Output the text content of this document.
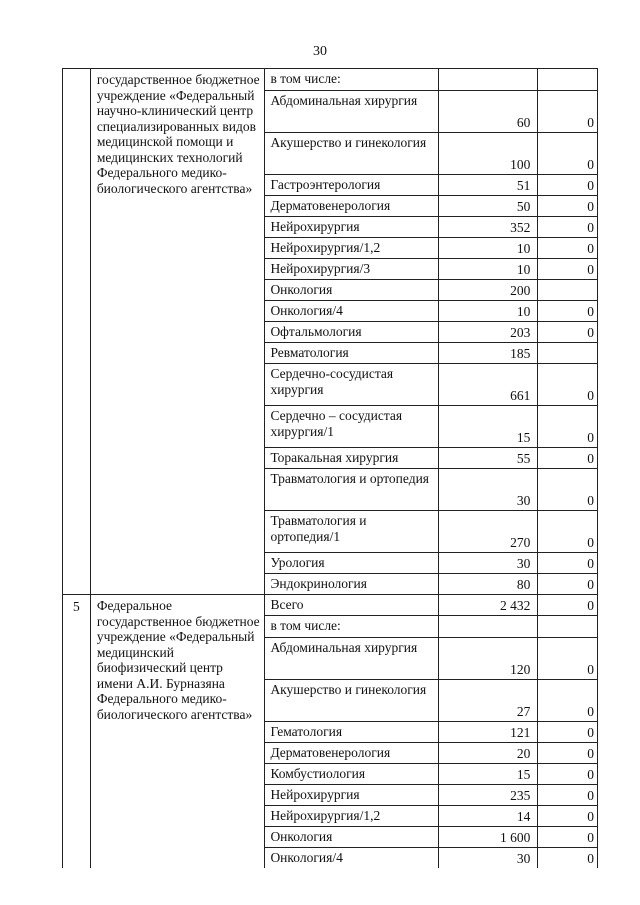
30
	государственное бюджетное учреждение «Федеральный научно-клинический центр специализированных видов медицинской помощи и медицинских технологий Федерального медико-биологического агентства»	в том числе:		
		Абдоминальная хирургия	60	0
		Акушерство и гинекология	100	0
		Гастроэнтерология	51	0
		Дерматовенерология	50	0
		Нейрохирургия	352	0
		Нейрохирургия/1,2	10	0
		Нейрохирургия/3	10	0
		Онкология	200	
		Онкология/4	10	0
		Офтальмология	203	0
		Ревматология	185	
		Сердечно-сосудистая хирургия	661	0
		Сердечно – сосудистая хирургия/1	15	0
		Торакальная хирургия	55	0
		Травматология и ортопедия	30	0
		Травматология и ортопедия/1	270	0
		Урология	30	0
		Эндокринология	80	0
5	Федеральное государственное бюджетное учреждение «Федеральный медицинский биофизический центр имени А.И. Бурназяна Федерального медико-биологического агентства»	Всего	2 432	0
		в том числе:		
		Абдоминальная хирургия	120	0
		Акушерство и гинекология	27	0
		Гематология	121	0
		Дерматовенерология	20	0
		Комбустиология	15	0
		Нейрохирургия	235	0
		Нейрохирургия/1,2	14	0
		Онкология	1 600	0
		Онкология/4	30	0
